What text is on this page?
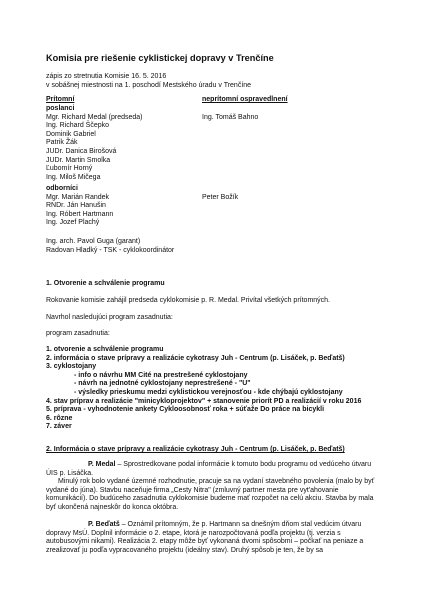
Komisia pre riešenie cyklistickej dopravy v Trenčíne
zápis zo stretnutia Komisie 16. 5. 2016
v sobášnej miestnosti na 1. poschodí Mestského úradu v Trenčíne
Prítomní	neprítomní ospravedlnení
poslanci
Mgr. Richard Medal (predseda)
Ing. Richard Ščepko
Dominik Gabriel
Patrik Žák
JUDr. Danica Birošová
JUDr. Martin Smolka
Ľubomír Horný
Ing. Miloš Mičega
Ing. Tomáš Bahno
odborníci
Mgr. Marián Randek
RNDr. Ján Hanušin
Ing. Róbert Hartmann
Ing. Jozef Plachý
Peter Božík
Ing. arch. Pavol Guga (garant)
Radovan Hladký - TSK - cyklokoordinátor
1. Otvorenie a schválenie programu
Rokovanie komisie zahájil predseda cyklokomisie p. R. Medal. Privítal všetkých prítomných.
Navrhol nasledujúci program zasadnutia:
program zasadnutia:
1. otvorenie a schválenie programu
2. informácia o stave prípravy a realizácie cykotrasy Juh - Centrum (p. Lisáček, p. Beďatš)
3. cyklostojany
- info o návrhu MM Cité na prestrešené cyklostojany
- návrh na jednotné cyklostojany neprestrešené - "U"
- výsledky prieskumu medzi cyklistickou verejnosťou - kde chýbajú cyklostojany
4. stav príprav a realizácie "minicykloprojektov" + stanovenie priorít PD a realizácií v roku 2016
5. príprava - vyhodnotenie ankety Cykloosobnosť roka + súťaže Do práce na bicykli
6. rôzne
7. záver
2. Informácia o stave prípravy a realizácie cykotrasy Juh - Centrum (p. Lisáček, p. Beďatš)
P. Medal – Sprostredkovane podal informácie k tomuto bodu programu od vedúceho útvaru ÚIS p. Lisáčka.
Minulý rok bolo vydané územné rozhodnutie, pracuje sa na vydaní stavebného povolenia (malo by byť vydané do júna). Stavbu naceňuje firma „Cesty Nitra" (zmluvný partner mesta pre vyt'ahovanie komunikácií). Do budúceho zasadnutia cyklokomisie budeme mať rozpočet na celú akciu. Stavba by mala byť ukončená najneskôr do konca októbra.
P. Beďatš – Oznámil prítomným, že p. Hartmann sa dnešným dňom stal vedúcim útvaru dopravy MsÚ. Doplnil informácie o 2. etape, ktorá je narozpočtovaná podľa projektu (tj. verzia s autobusovými nikami). Realizácia 2. etapy môže byť vykonaná dvomi spôsobmi – počkať na peniaze a zrealizovať ju podľa vypracovaného projektu (ideálny stav). Druhý spôsob je ten, že by sa
